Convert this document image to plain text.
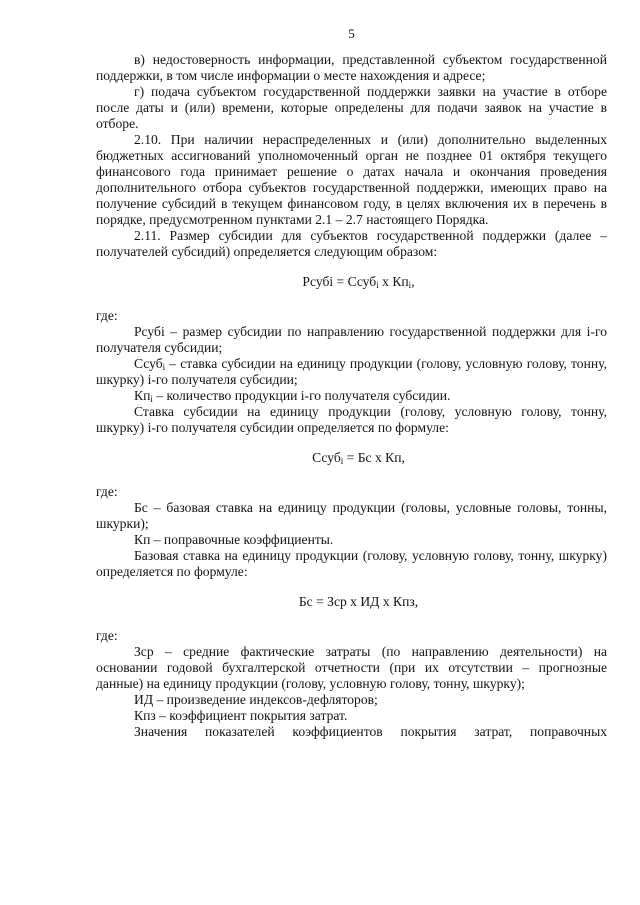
5

в) недостоверность информации, представленной субъектом государственной поддержки, в том числе информации о месте нахождения и адресе;

г) подача субъектом государственной поддержки заявки на участие в отборе после даты и (или) времени, которые определены для подачи заявок на участие в отборе.

2.10. При наличии нераспределенных и (или) дополнительно выделенных бюджетных ассигнований уполномоченный орган не позднее 01 октября текущего финансового года принимает решение о датах начала и окончания проведения дополнительного отбора субъектов государственной поддержки, имеющих право на получение субсидий в текущем финансовом году, в целях включения их в перечень в порядке, предусмотренном пунктами 2.1 – 2.7 настоящего Порядка.

2.11. Размер субсидии для субъектов государственной поддержки (далее – получателей субсидий) определяется следующим образом:

Рсубi = Ссуб$_i$ х $Кп_i$,

где:

Рсубi – размер субсидии по направлению государственной поддержки для i-го получателя субсидии;

Ссуб$_i$ – ставка субсидии на единицу продукции (голову, условную голову, тонну, шкурку) i-го получателя субсидии;

$Кп_i$ – количество продукции i-го получателя субсидии.

Ставка субсидии на единицу продукции (голову, условную голову, тонну, шкурку) i-го получателя субсидии определяется по формуле:

Ссуб$_i$ = Бс х Кп,

где:

Бс – базовая ставка на единицу продукции (головы, условные головы, тонны, шкурки);

Кп – поправочные коэффициенты.

Базовая ставка на единицу продукции (голову, условную голову, тонну, шкурку) определяется по формуле:

Бс = Зср х ИД х Кпз,

где:

Зср – средние фактические затраты (по направлению деятельности) на основании годовой бухгалтерской отчетности (при их отсутствии – прогнозные данные) на единицу продукции (голову, условную голову, тонну, шкурку);

ИД – произведение индексов-дефляторов;

Кпз – коэффициент покрытия затрат.

Значения показателей коэффициентов покрытия затрат, поправочных
